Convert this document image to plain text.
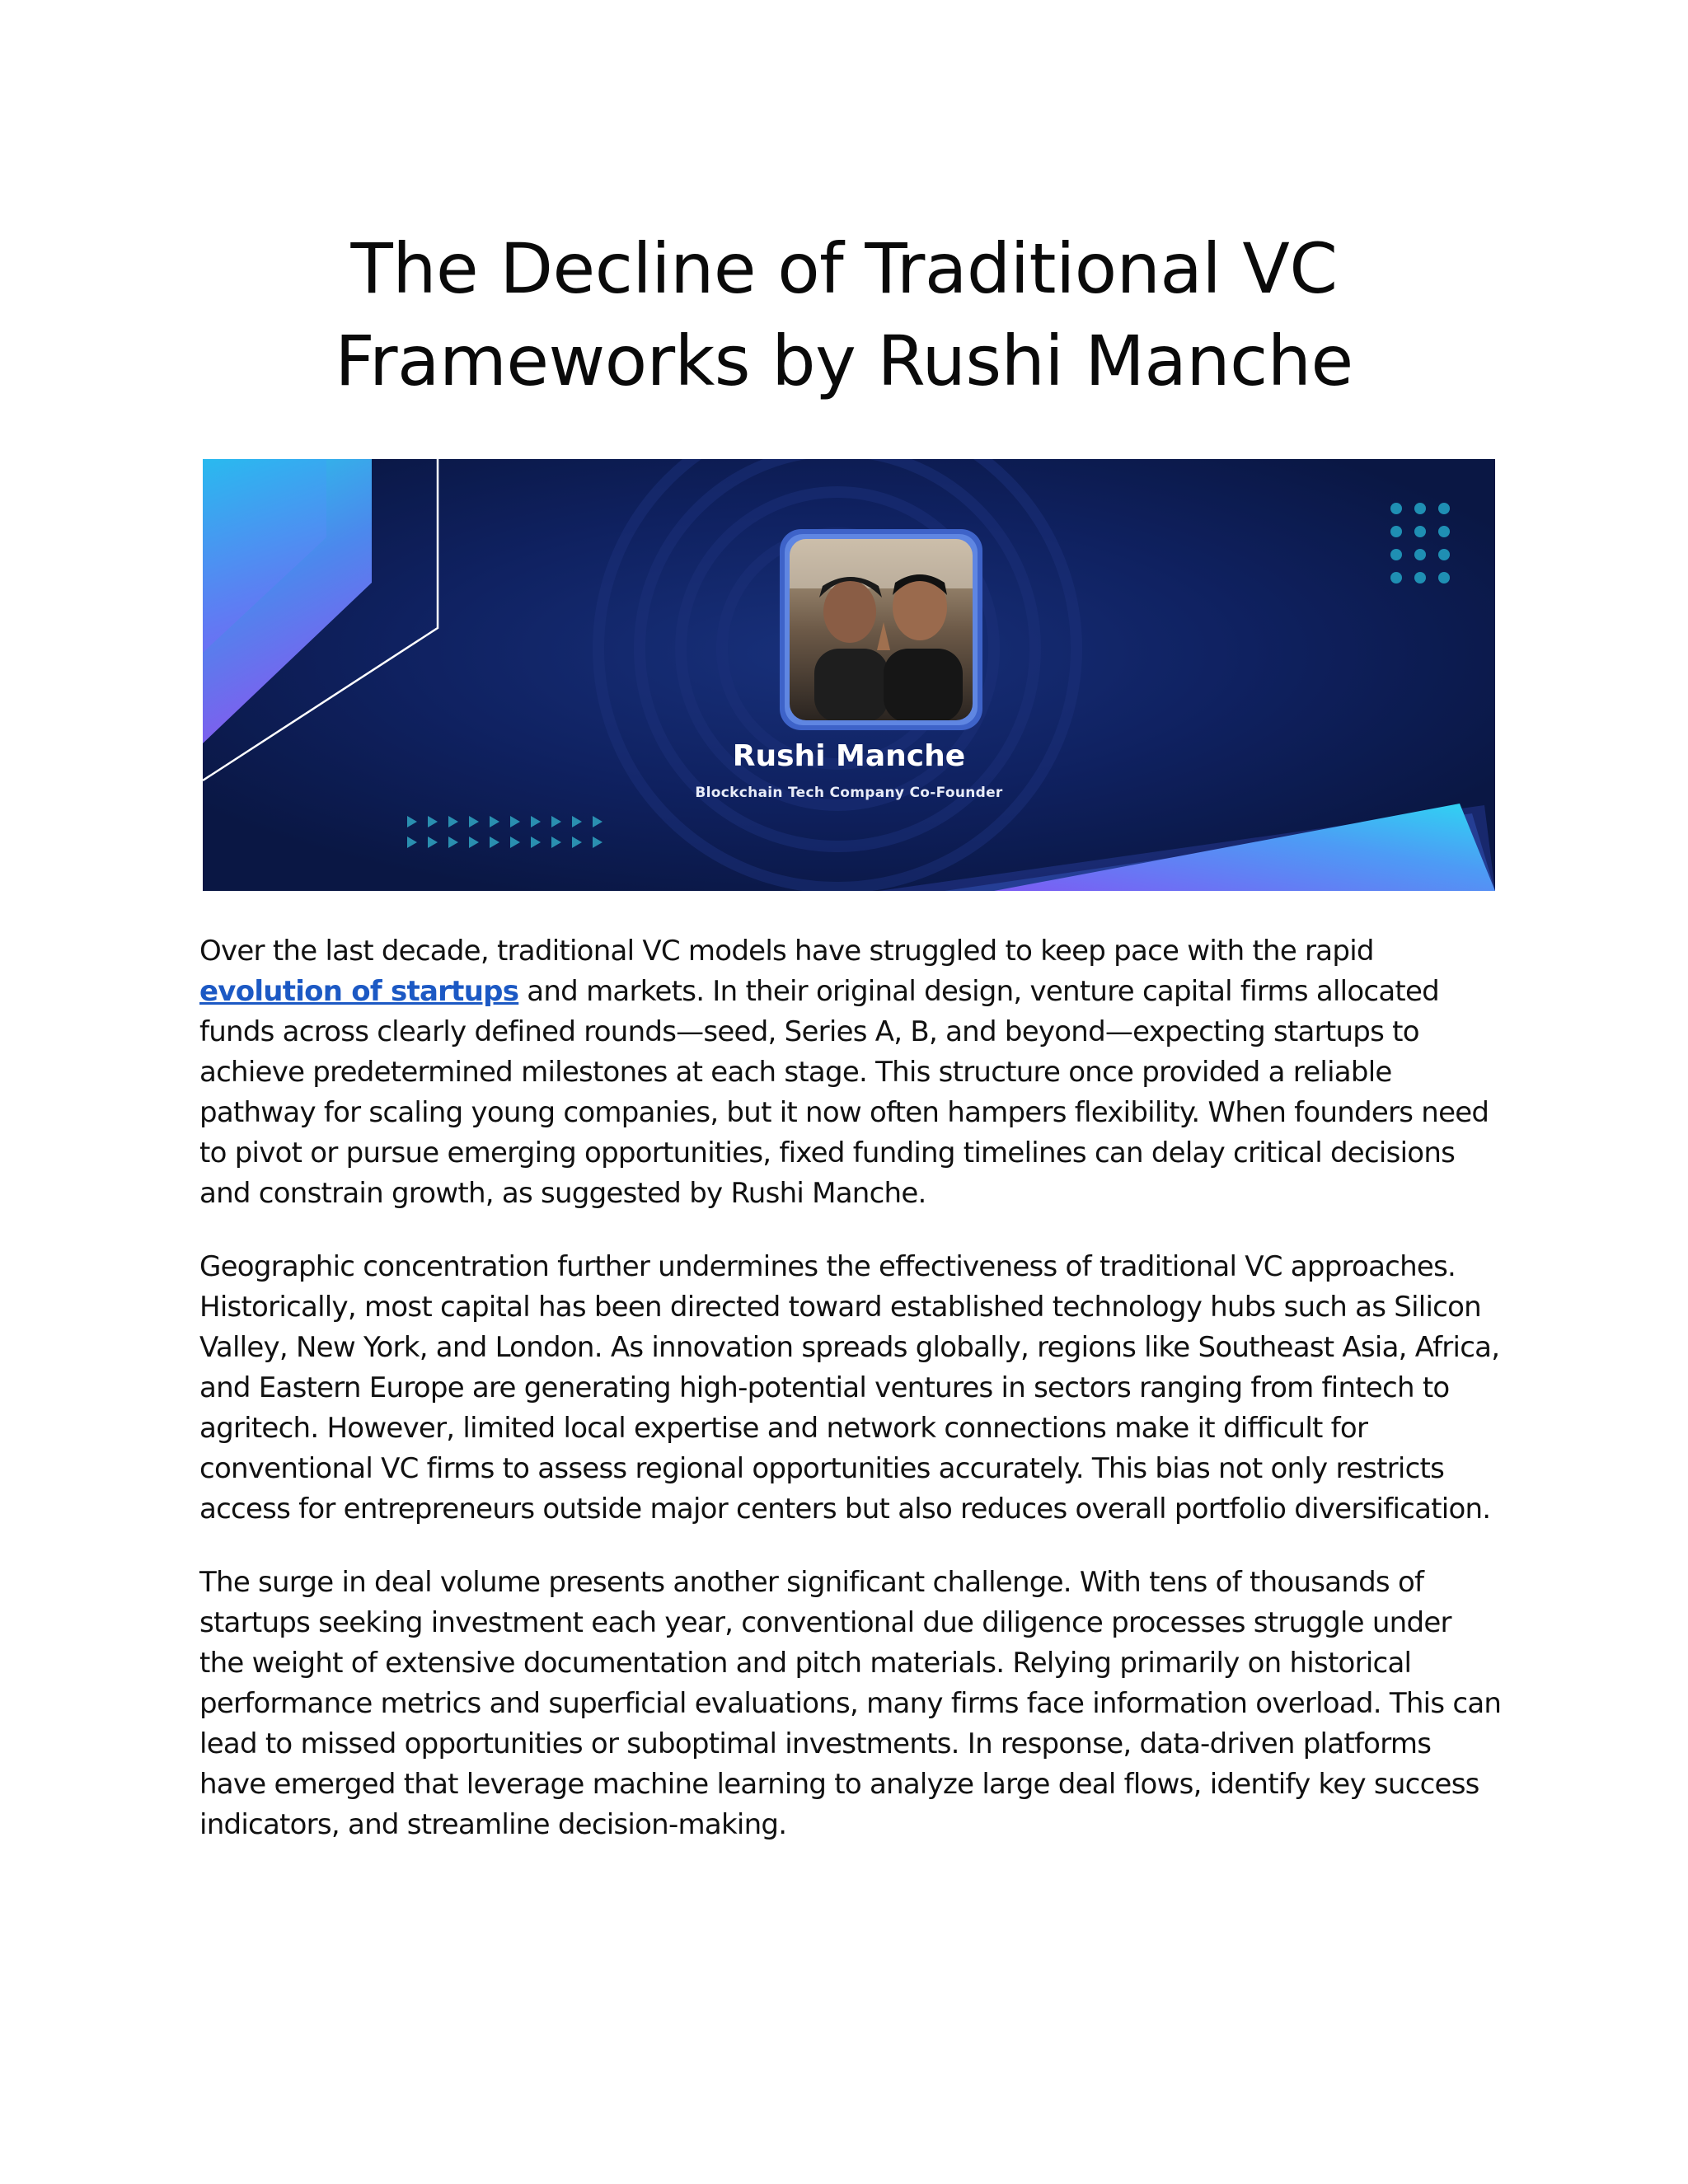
The Decline of Traditional VC
Frameworks by Rushi Manche
Rushi Manche
Blockchain Tech Company Co-Founder

Over the last decade, traditional VC models have struggled to keep pace with the rapid evolution of startups and markets. In their original design, venture capital firms allocated funds across clearly defined rounds—seed, Series A, B, and beyond—expecting startups to achieve predetermined milestones at each stage. This structure once provided a reliable pathway for scaling young companies, but it now often hampers flexibility. When founders need to pivot or pursue emerging opportunities, fixed funding timelines can delay critical decisions and constrain growth, as suggested by Rushi Manche.

Geographic concentration further undermines the effectiveness of traditional VC approaches. Historically, most capital has been directed toward established technology hubs such as Silicon Valley, New York, and London. As innovation spreads globally, regions like Southeast Asia, Africa, and Eastern Europe are generating high-potential ventures in sectors ranging from fintech to agritech. However, limited local expertise and network connections make it difficult for conventional VC firms to assess regional opportunities accurately. This bias not only restricts access for entrepreneurs outside major centers but also reduces overall portfolio diversification.

The surge in deal volume presents another significant challenge. With tens of thousands of startups seeking investment each year, conventional due diligence processes struggle under the weight of extensive documentation and pitch materials. Relying primarily on historical performance metrics and superficial evaluations, many firms face information overload. This can lead to missed opportunities or suboptimal investments. In response, data-driven platforms have emerged that leverage machine learning to analyze large deal flows, identify key success indicators, and streamline decision-making.
